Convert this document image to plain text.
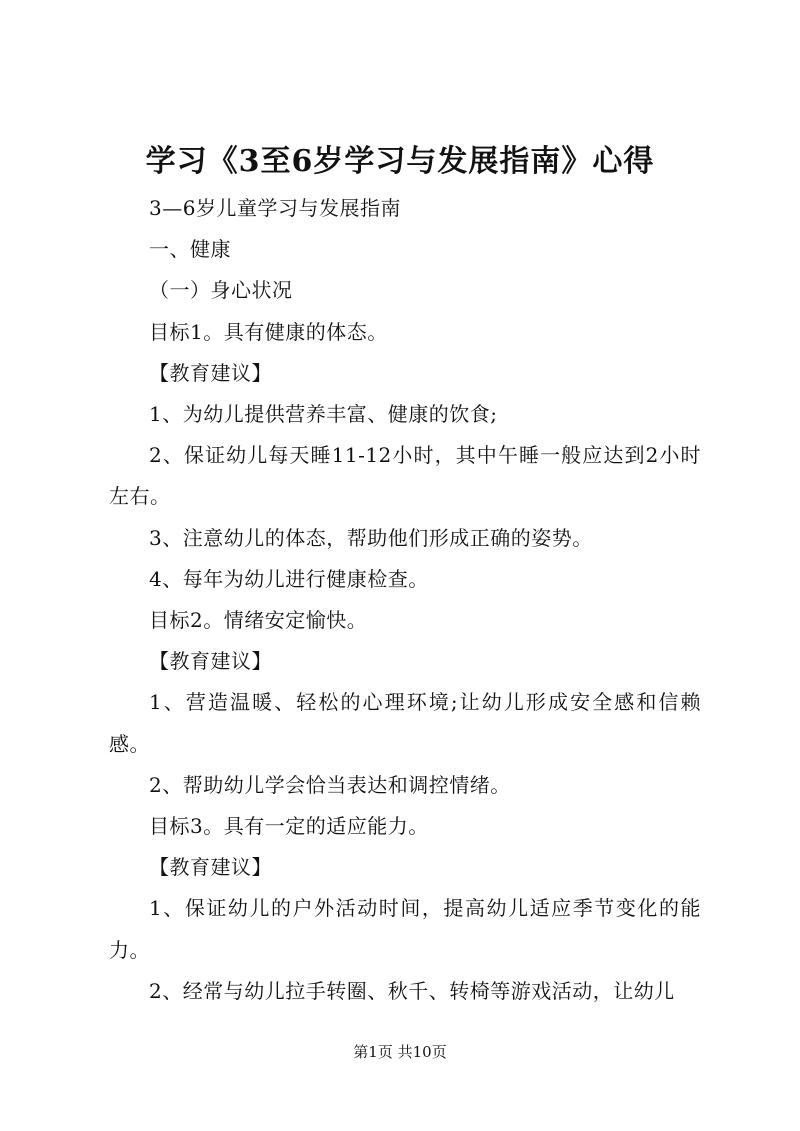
学习《3至6岁学习与发展指南》心得

3—6岁儿童学习与发展指南

一、健康

（一）身心状况

目标1。具有健康的体态。

【教育建议】

1、为幼儿提供营养丰富、健康的饮食;

2、保证幼儿每天睡11-12小时，其中午睡一般应达到2小时左右。

3、注意幼儿的体态，帮助他们形成正确的姿势。

4、每年为幼儿进行健康检查。

目标2。情绪安定愉快。

【教育建议】

1、营造温暖、轻松的心理环境;让幼儿形成安全感和信赖感。

2、帮助幼儿学会恰当表达和调控情绪。

目标3。具有一定的适应能力。

【教育建议】

1、保证幼儿的户外活动时间，提高幼儿适应季节变化的能力。

2、经常与幼儿拉手转圈、秋千、转椅等游戏活动，让幼儿

第1页 共10页
